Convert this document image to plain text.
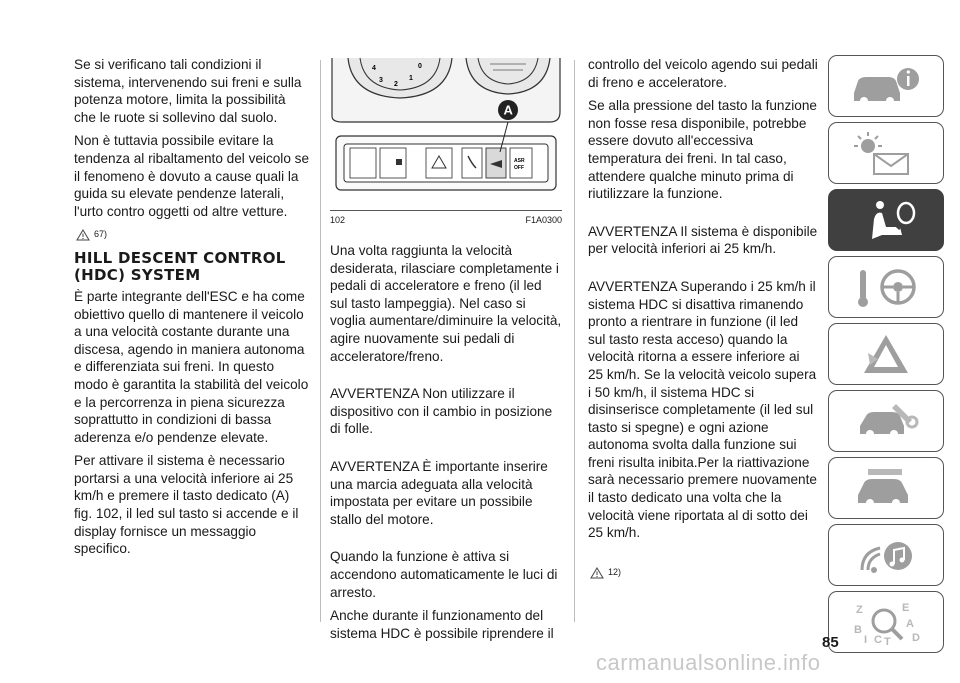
Se si verificano tali condizioni il sistema, intervenendo sui freni e sulla potenza motore, limita la possibilità che le ruote si sollevino dal suolo.

Non è tuttavia possibile evitare la tendenza al ribaltamento del veicolo se il fenomeno è dovuto a cause quali la guida su elevate pendenze laterali, l'urto contro oggetti od altre vetture.

67)
HILL DESCENT CONTROL (HDC) SYSTEM

È parte integrante dell'ESC e ha come obiettivo quello di mantenere il veicolo a una velocità costante durante una discesa, agendo in maniera autonoma e differenziata sui freni. In questo modo è garantita la stabilità del veicolo e la percorrenza in piena sicurezza soprattutto in condizioni di bassa aderenza e/o pendenze elevate.

Per attivare il sistema è necessario portarsi a una velocità inferiore ai 25 km/h e premere il tasto dedicato (A) fig. 102, il led sul tasto si accende e il display fornisce un messaggio specifico.

4
3
2
1
0
ASR
OFF
A
102	F1A0300

Una volta raggiunta la velocità desiderata, rilasciare completamente i pedali di acceleratore e freno (il led sul tasto lampeggia). Nel caso si voglia aumentare/diminuire la velocità, agire nuovamente sui pedali di acceleratore/freno.

AVVERTENZA Non utilizzare il dispositivo con il cambio in posizione di folle.

AVVERTENZA È importante inserire una marcia adeguata alla velocità impostata per evitare un possibile stallo del motore.

Quando la funzione è attiva si accendono automaticamente le luci di arresto.

Anche durante il funzionamento del sistema HDC è possibile riprendere il

controllo del veicolo agendo sui pedali di freno e acceleratore.

Se alla pressione del tasto la funzione non fosse resa disponibile, potrebbe essere dovuto all'eccessiva temperatura dei freni. In tal caso, attendere qualche minuto prima di riutilizzare la funzione.

AVVERTENZA Il sistema è disponibile per velocità inferiori ai 25 km/h.

AVVERTENZA Superando i 25 km/h il sistema HDC si disattiva rimanendo pronto a rientrare in funzione (il led sul tasto resta acceso) quando la velocità ritorna a essere inferiore ai 25 km/h. Se la velocità veicolo supera i 50 km/h, il sistema HDC si disinserisce completamente (il led sul tasto si spegne) e ogni azione autonoma svolta dalla funzione sui freni risulta inibita.Per la riattivazione sarà necessario premere nuovamente il tasto dedicato una volta che la velocità viene riportata al di sotto dei 25 km/h.

12)
Z	E
B	A
D
I C T
85
carmanualsonline.info
